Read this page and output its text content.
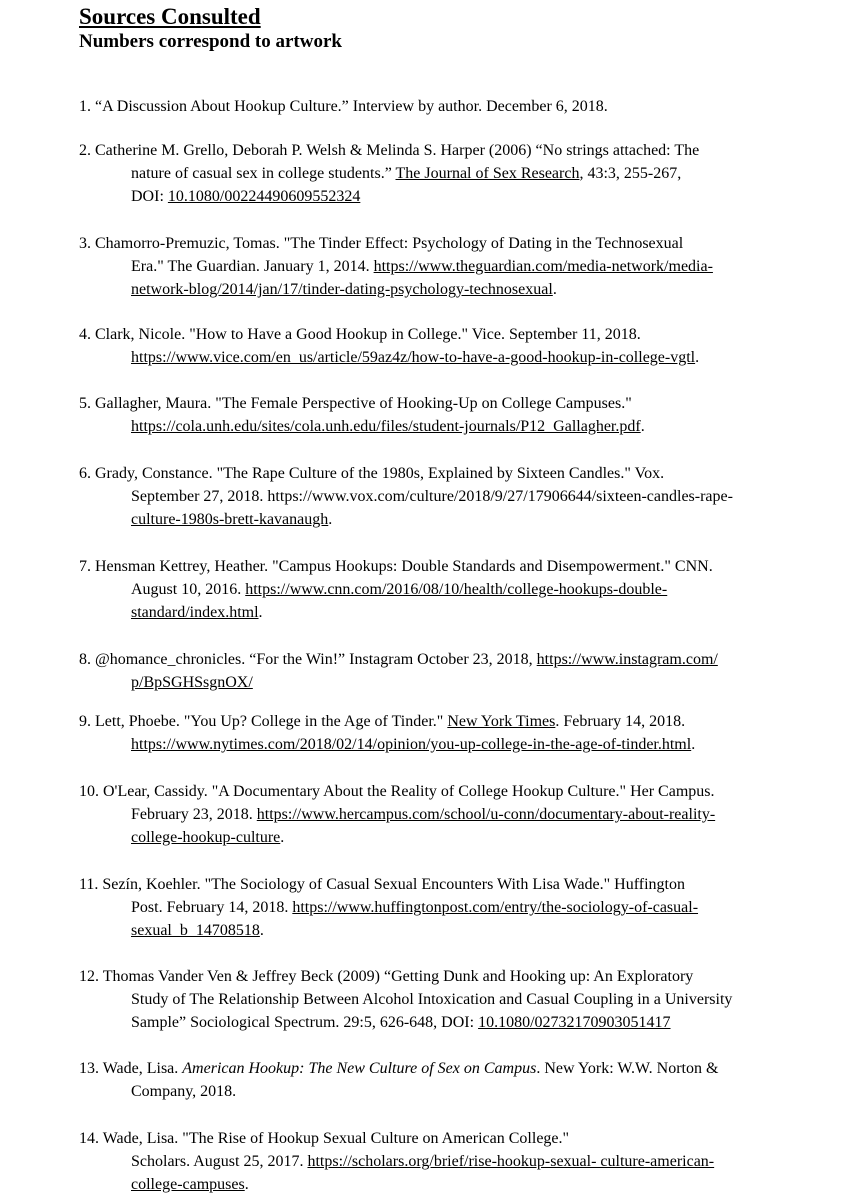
Sources Consulted
Numbers correspond to artwork
1. “A Discussion About Hookup Culture.” Interview by author. December 6, 2018.
2. Catherine M. Grello, Deborah P. Welsh & Melinda S. Harper (2006) “No strings attached: The
nature of casual sex in college students.” The Journal of Sex Research, 43:3, 255-267,
DOI: 10.1080/00224490609552324
3. Chamorro-Premuzic, Tomas. "The Tinder Effect: Psychology of Dating in the Technosexual
Era." The Guardian. January 1, 2014. https://www.theguardian.com/media-network/media-
network-blog/2014/jan/17/tinder-dating-psychology-technosexual.
4. Clark, Nicole. "How to Have a Good Hookup in College." Vice. September 11, 2018.
https://www.vice.com/en_us/article/59az4z/how-to-have-a-good-hookup-in-college-vgtl.
5. Gallagher, Maura. "The Female Perspective of Hooking-Up on College Campuses."
https://cola.unh.edu/sites/cola.unh.edu/files/student-journals/P12_Gallagher.pdf.
6. Grady, Constance. "The Rape Culture of the 1980s, Explained by Sixteen Candles." Vox.
September 27, 2018. https://www.vox.com/culture/2018/9/27/17906644/sixteen-candles-rape-
culture-1980s-brett-kavanaugh.
7. Hensman Kettrey, Heather. "Campus Hookups: Double Standards and Disempowerment." CNN.
August 10, 2016. https://www.cnn.com/2016/08/10/health/college-hookups-double-
standard/index.html.
8. @homance_chronicles. “For the Win!” Instagram October 23, 2018, https://www.instagram.com/
p/BpSGHSsgnOX/
9. Lett, Phoebe. "You Up? College in the Age of Tinder." New York Times. February 14, 2018.
https://www.nytimes.com/2018/02/14/opinion/you-up-college-in-the-age-of-tinder.html.
10. O'Lear, Cassidy. "A Documentary About the Reality of College Hookup Culture." Her Campus.
February 23, 2018. https://www.hercampus.com/school/u-conn/documentary-about-reality-
college-hookup-culture.
11. Sezín, Koehler. "The Sociology of Casual Sexual Encounters With Lisa Wade." Huffington
Post. February 14, 2018. https://www.huffingtonpost.com/entry/the-sociology-of-casual-
sexual_b_14708518.
12. Thomas Vander Ven & Jeffrey Beck (2009) “Getting Dunk and Hooking up: An Exploratory
Study of The Relationship Between Alcohol Intoxication and Casual Coupling in a University
Sample” Sociological Spectrum. 29:5, 626-648, DOI: 10.1080/02732170903051417
13. Wade, Lisa. American Hookup: The New Culture of Sex on Campus. New York: W.W. Norton &
Company, 2018.
14. Wade, Lisa. "The Rise of Hookup Sexual Culture on American College."
Scholars. August 25, 2017. https://scholars.org/brief/rise-hookup-sexual- culture-american-
college-campuses.
